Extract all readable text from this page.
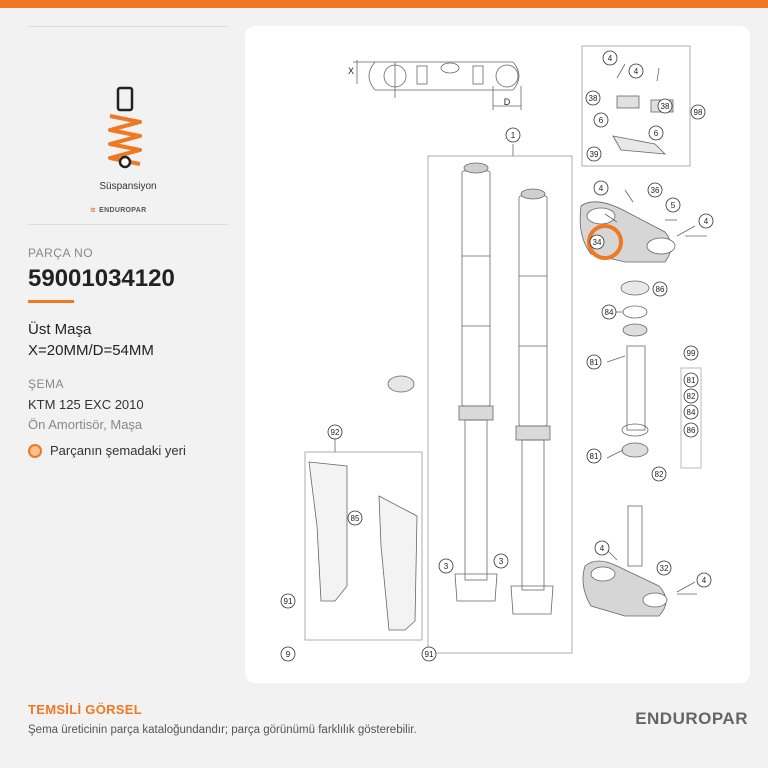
Süspansiyon
≋ ENDUROPAR
PARÇA NO
59001034120
Üst Maşa
X=20MM/D=54MM
ŞEMA
KTM 125 EXC 2010
Ön Amortisör, Maşa
Parçanın şemadaki yeri
X
D
1
4
4
38
38
98
6
6
39
4	36
5
4
34
86
84
81
99
81
82
84
86
81
82
92
85
3
3
91
9	91
4
32
4
TEMSİLİ GÖRSEL
Şema üreticinin parça kataloğundandır; parça görünümü farklılık gösterebilir.
ENDUROPAR
